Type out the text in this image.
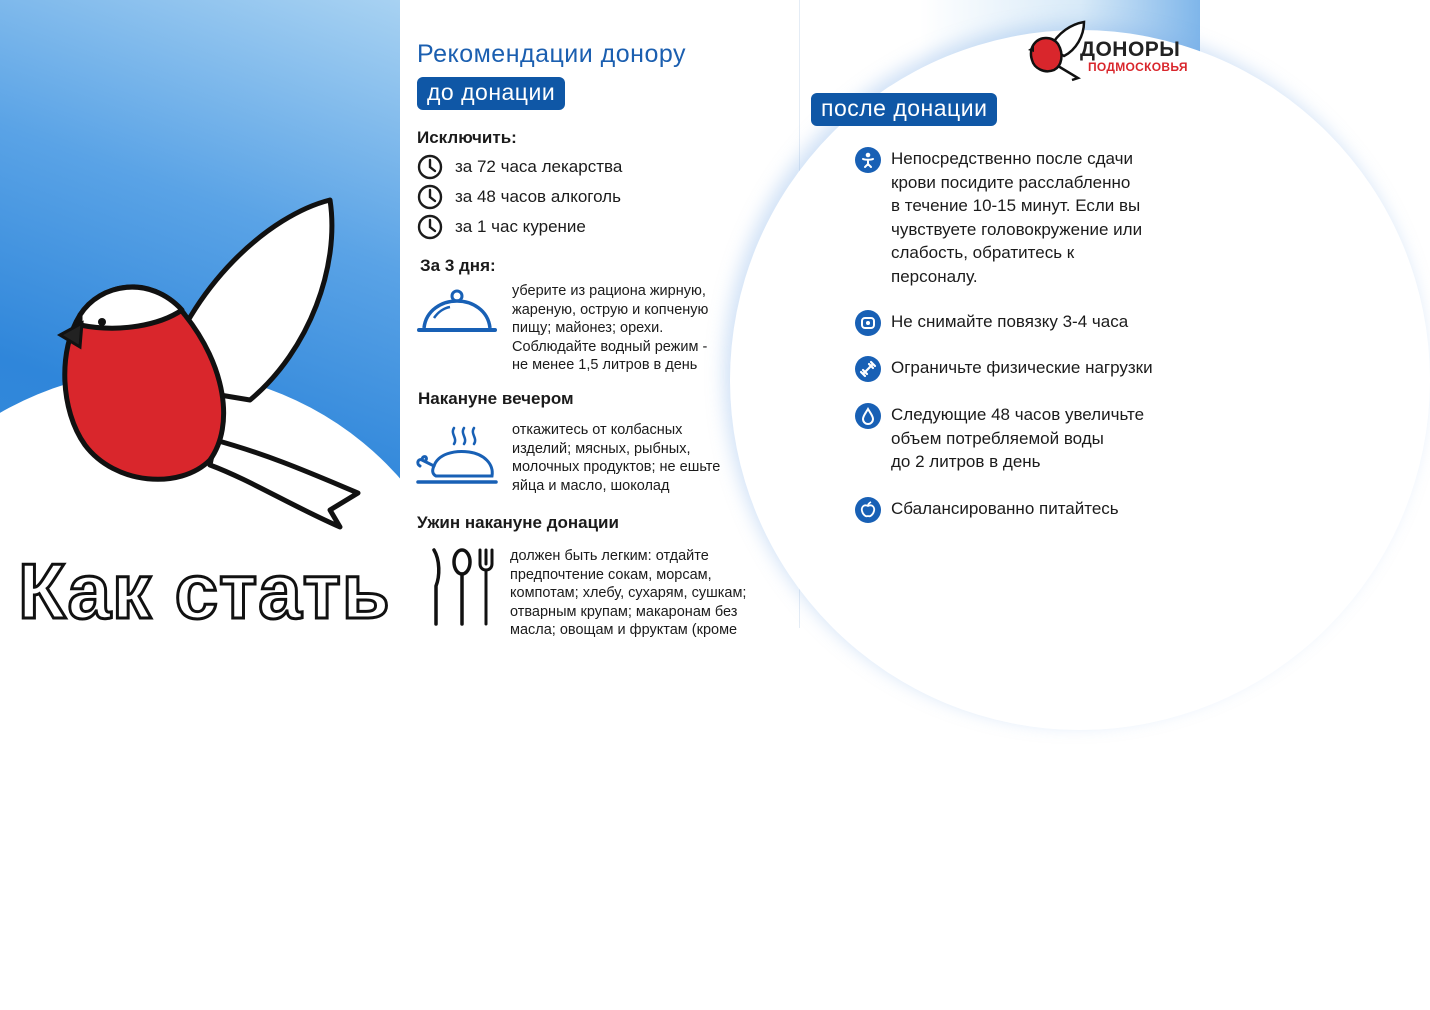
Как стать
Рекомендации донору
до донации
Исключить:
за 72 часа лекарства
за 48 часов алкоголь
за 1 час курение
За 3 дня:
уберите из рациона жирную,
жареную, острую и копченую
пищу; майонез; орехи.
Соблюдайте водный режим -
не менее 1,5 литров в день
Накануне вечером
откажитесь от колбасных
изделий; мясных, рыбных,
молочных продуктов; не ешьте
яйца и масло, шоколад
Ужин накануне донации
должен быть легким: отдайте
предпочтение сокам, морсам,
компотам; хлебу, сухарям, сушкам;
отварным крупам; макаронам без
масла; овощам и фруктам (кроме
ДОНОРЫ
ПОДМОСКОВЬЯ
после донации
Непосредственно после сдачи
крови посидите расслабленно
в течение 10-15 минут. Если вы
чувствуете головокружение или
слабость, обратитесь к
персоналу.
Не снимайте повязку 3-4 часа
Ограничьте физические нагрузки
Следующие 48 часов увеличьте
объем потребляемой воды
до 2 литров в день
Сбалансированно питайтесь
